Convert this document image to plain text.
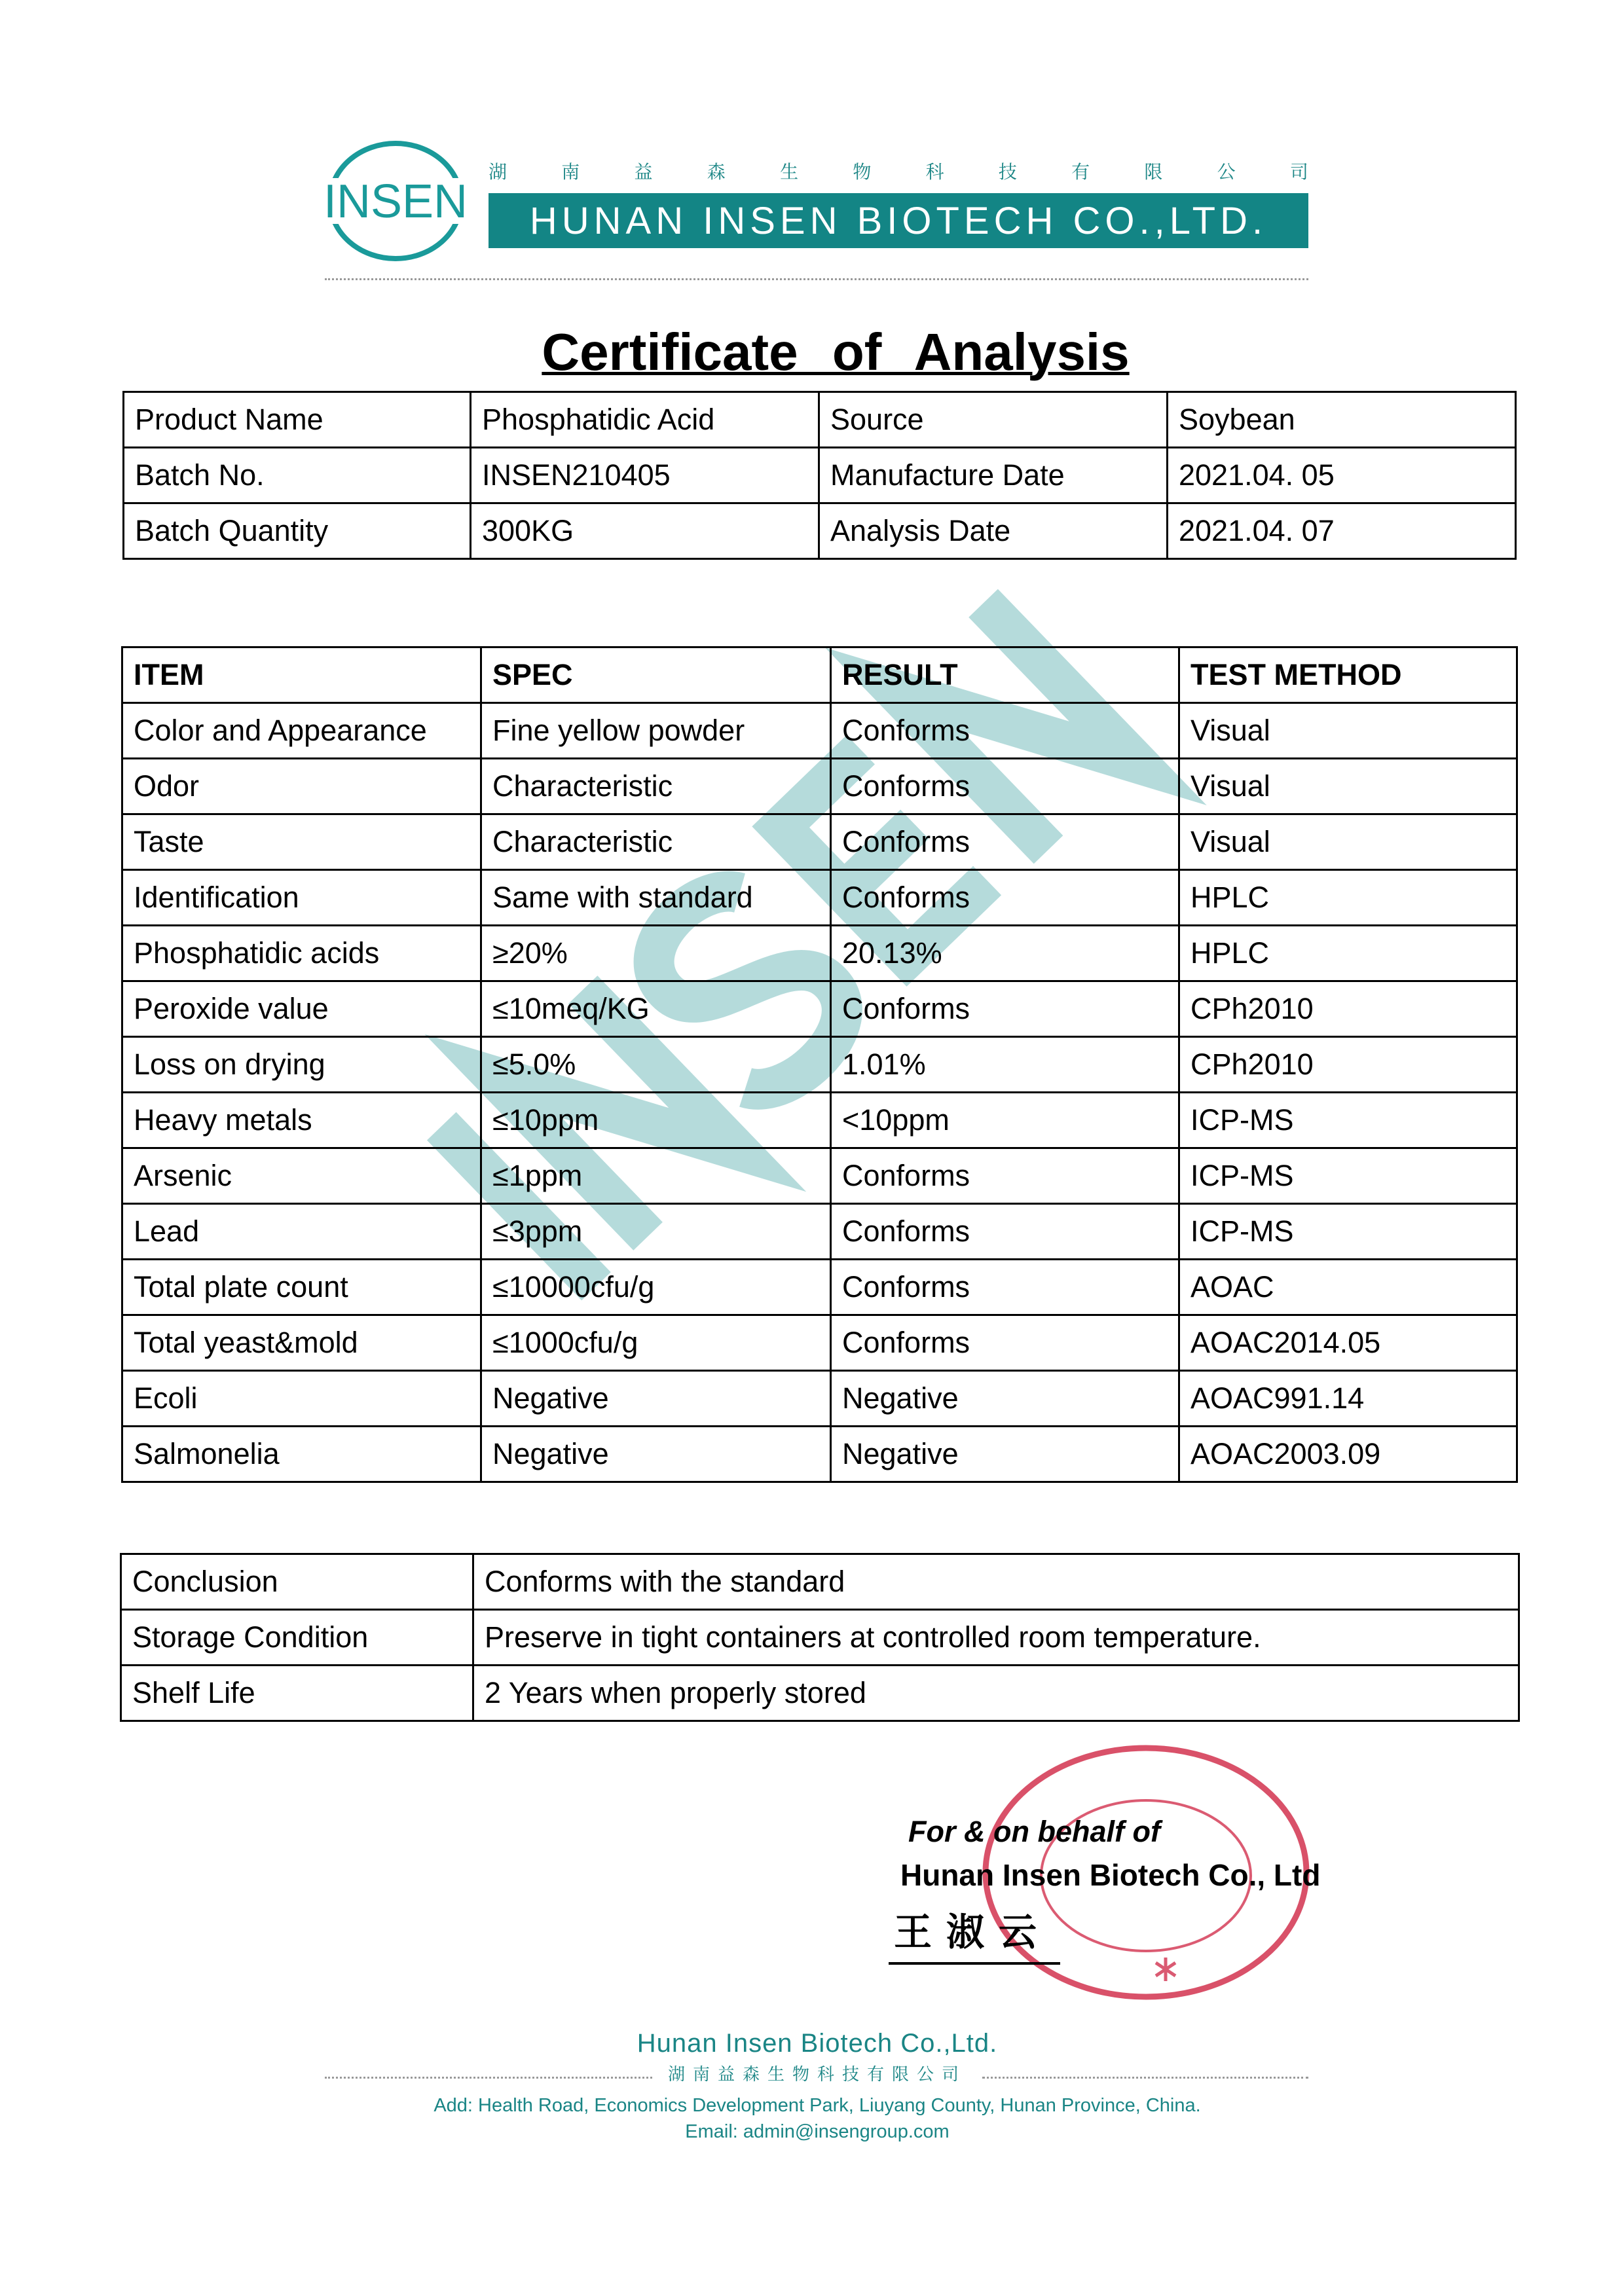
INSEN
湖	南	益	森	生	物	科	技	有	限	公	司
HUNAN INSEN BIOTECH CO.,LTD.
Certificate of Analysis
Product Name	Phosphatidic Acid	Source	Soybean
Batch No.	INSEN210405	Manufacture Date	2021.04. 05
Batch Quantity	300KG	Analysis Date	2021.04. 07
ITEM	SPEC	RESULT	TEST METHOD
Color and Appearance	Fine yellow powder	Conforms	Visual
Odor	Characteristic	Conforms	Visual
Taste	Characteristic	Conforms	Visual
Identification	Same with standard	Conforms	HPLC
Phosphatidic acids	≥20%	20.13%	HPLC
Peroxide value	≤10meq/KG	Conforms	CPh2010
Loss on drying	≤5.0%	1.01%	CPh2010
Heavy metals	≤10ppm	<10ppm	ICP-MS
Arsenic	≤1ppm	Conforms	ICP-MS
Lead	≤3ppm	Conforms	ICP-MS
Total plate count	≤10000cfu/g	Conforms	AOAC
Total yeast&mold	≤1000cfu/g	Conforms	AOAC2014.05
Ecoli	Negative	Negative	AOAC991.14
Salmonelia	Negative	Negative	AOAC2003.09
Conclusion	Conforms with the standard
Storage Condition	Preserve in tight containers at controlled room temperature.
Shelf Life	2 Years when properly stored
For & on behalf of
Hunan Insen Biotech Co., Ltd
王淑云
Hunan Insen Biotech Co.,Ltd.
湖南益森生物科技有限公司
Add: Health Road, Economics Development Park, Liuyang County, Hunan Province, China.
Email: admin@insengroup.com
